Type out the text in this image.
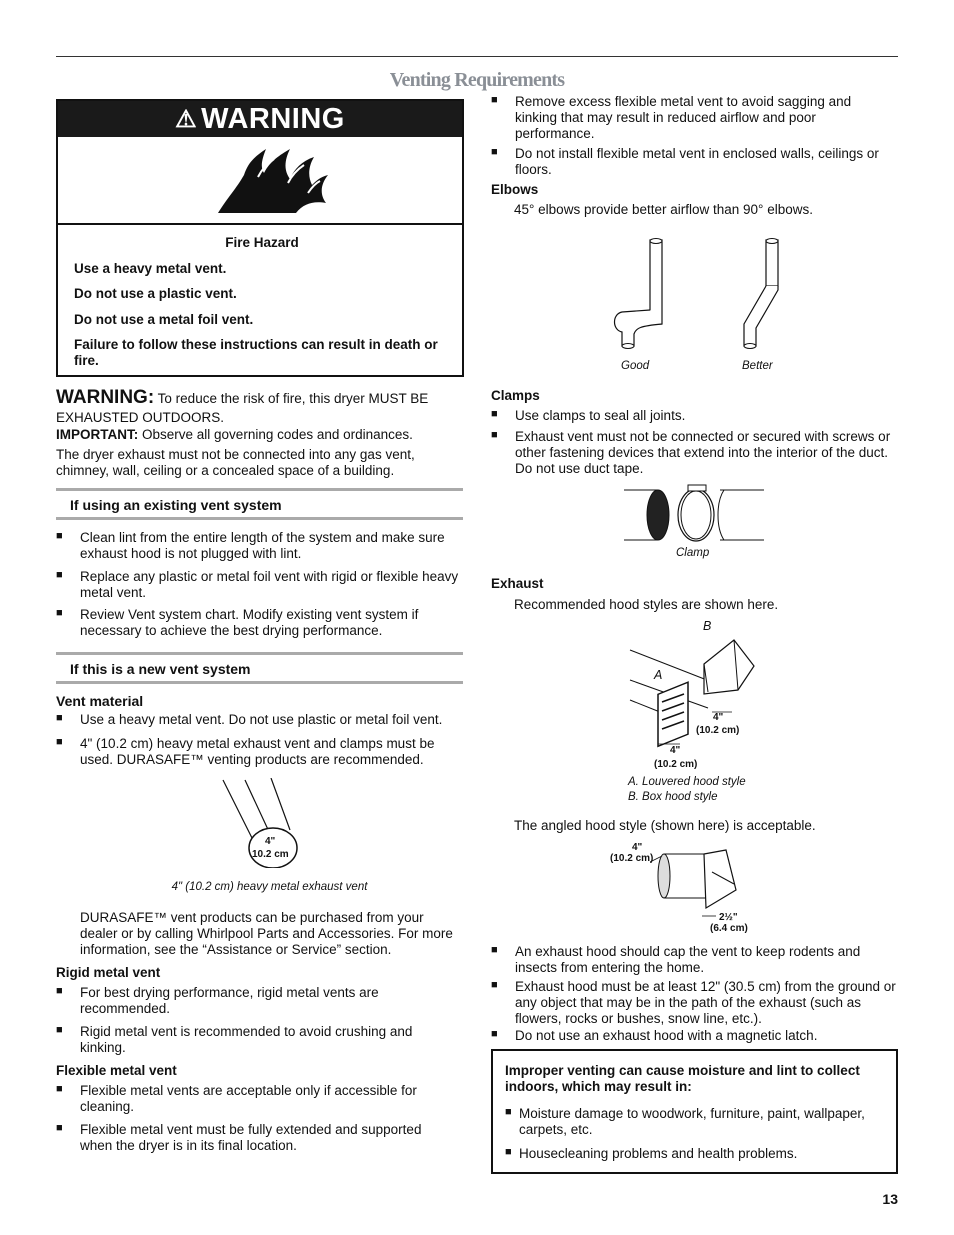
Venting Requirements
⚠ WARNING

Fire Hazard

Use a heavy metal vent.

Do not use a plastic vent.

Do not use a metal foil vent.

Failure to follow these instructions can result in death or fire.

WARNING: To reduce the risk of fire, this dryer MUST BE EXHAUSTED OUTDOORS.
IMPORTANT: Observe all governing codes and ordinances.
The dryer exhaust must not be connected into any gas vent, chimney, wall, ceiling or a concealed space of a building.
If using an existing vent system
■ Clean lint from the entire length of the system and make sure exhaust hood is not plugged with lint.
■ Replace any plastic or metal foil vent with rigid or flexible heavy metal vent.
■ Review Vent system chart. Modify existing vent system if necessary to achieve the best drying performance.
If this is a new vent system
Vent material
■ Use a heavy metal vent. Do not use plastic or metal foil vent.
■ 4" (10.2 cm) heavy metal exhaust vent and clamps must be used. DURASAFE™ venting products are recommended.
4"
10.2 cm
4" (10.2 cm) heavy metal exhaust vent
DURASAFE™ vent products can be purchased from your dealer or by calling Whirlpool Parts and Accessories. For more information, see the “Assistance or Service” section.
Rigid metal vent
■ For best drying performance, rigid metal vents are recommended.
■ Rigid metal vent is recommended to avoid crushing and kinking.
Flexible metal vent
■ Flexible metal vents are acceptable only if accessible for cleaning.
■ Flexible metal vent must be fully extended and supported when the dryer is in its final location.
■ Remove excess flexible metal vent to avoid sagging and kinking that may result in reduced airflow and poor performance.
■ Do not install flexible metal vent in enclosed walls, ceilings or floors.
Elbows
45° elbows provide better airflow than 90° elbows.
Good	Better
Clamps
■ Use clamps to seal all joints.
■ Exhaust vent must not be connected or secured with screws or other fastening devices that extend into the interior of the duct. Do not use duct tape.
Clamp
Exhaust
Recommended hood styles are shown here.
B
A
4"
(10.2 cm)
4"
(10.2 cm)
A. Louvered hood style
B. Box hood style
The angled hood style (shown here) is acceptable.
4"
(10.2 cm)
2½"
(6.4 cm)
■ An exhaust hood should cap the vent to keep rodents and insects from entering the home.
■ Exhaust hood must be at least 12" (30.5 cm) from the ground or any object that may be in the path of the exhaust (such as flowers, rocks or bushes, snow line, etc.).
■ Do not use an exhaust hood with a magnetic latch.
Improper venting can cause moisture and lint to collect indoors, which may result in:
■ Moisture damage to woodwork, furniture, paint, wallpaper, carpets, etc.
■ Housecleaning problems and health problems.
13
